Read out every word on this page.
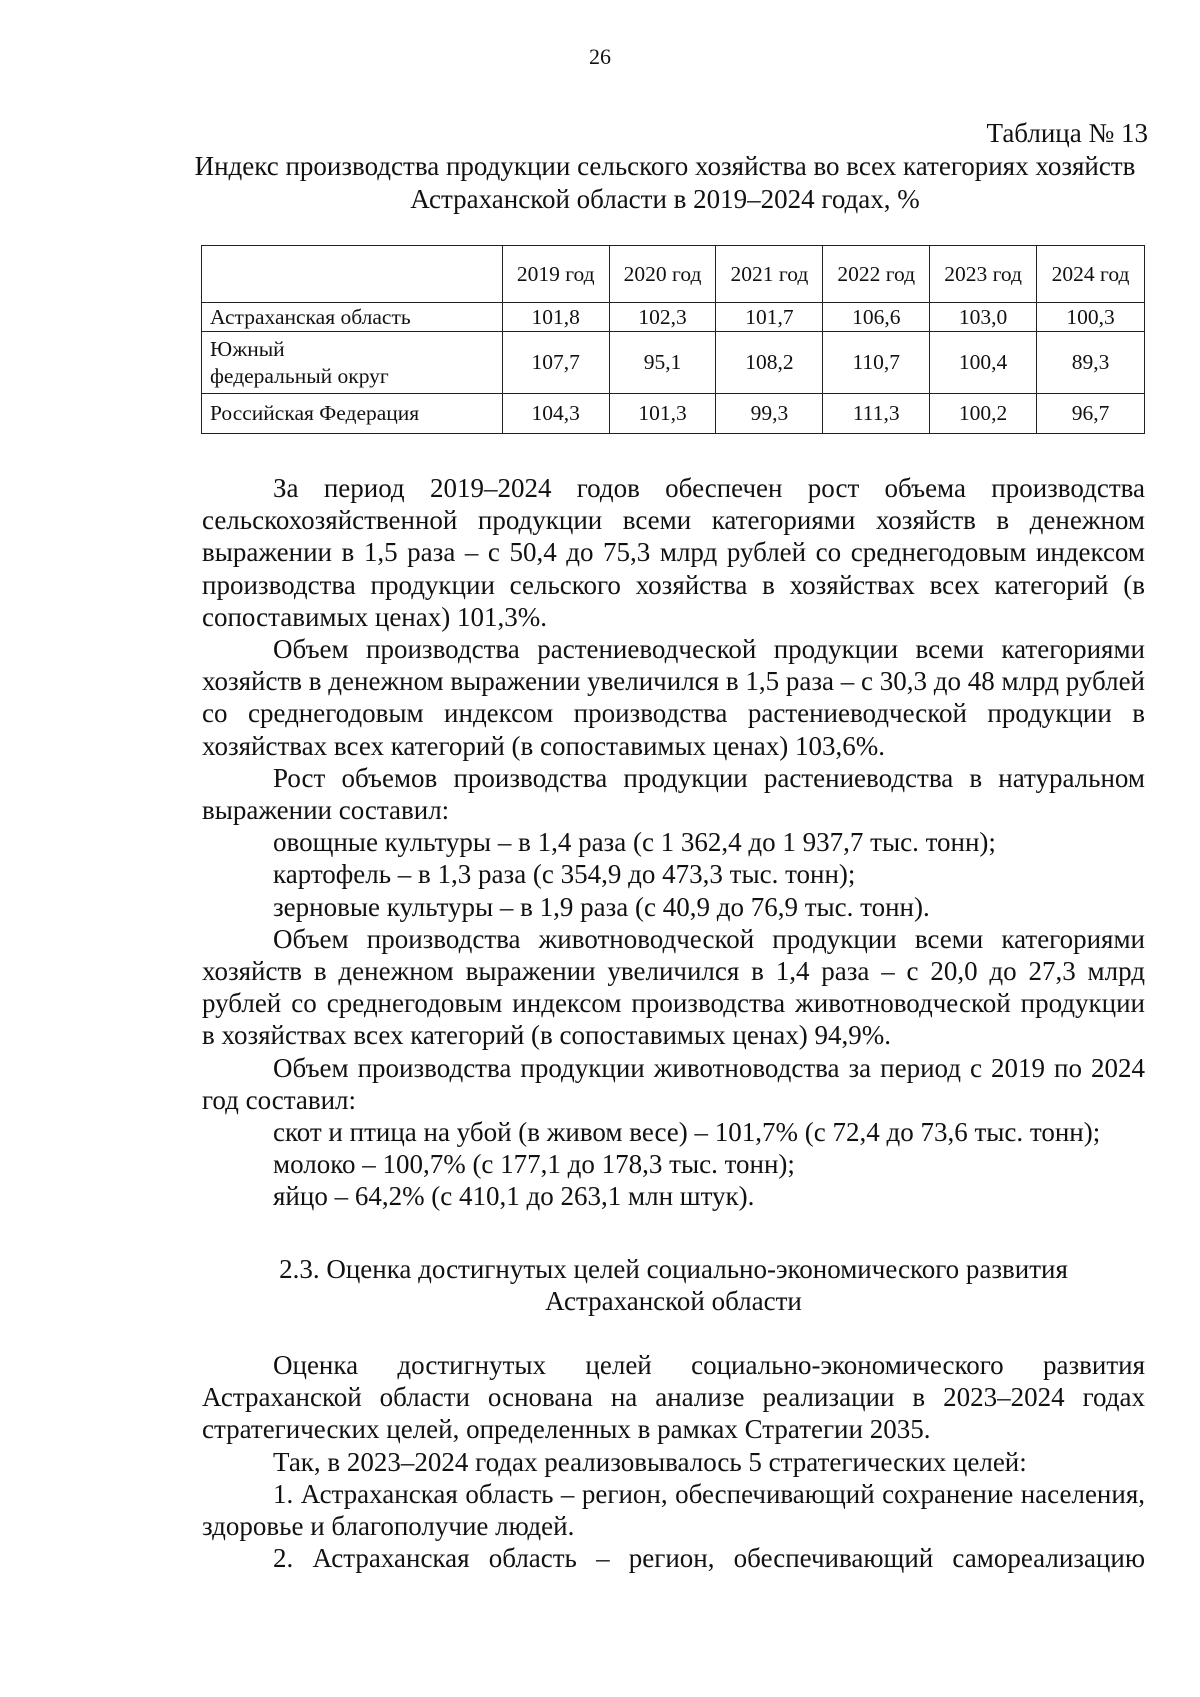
26
Таблица № 13
Индекс производства продукции сельского хозяйства во всех категориях хозяйств Астраханской области в 2019–2024 годах, %
	2019 год	2020 год	2021 год	2022 год	2023 год	2024 год
Астраханская область	101,8	102,3	101,7	106,6	103,0	100,3
Южный федеральный округ	107,7	95,1	108,2	110,7	100,4	89,3
Российская Федерация	104,3	101,3	99,3	111,3	100,2	96,7

За период 2019–2024 годов обеспечен рост объема производства сельскохозяйственной продукции всеми категориями хозяйств в денежном выражении в 1,5 раза – с 50,4 до 75,3 млрд рублей со среднегодовым индексом производства продукции сельского хозяйства в хозяйствах всех категорий (в сопоставимых ценах) 101,3%.

Объем производства растениеводческой продукции всеми категориями хозяйств в денежном выражении увеличился в 1,5 раза – с 30,3 до 48 млрд рублей со среднегодовым индексом производства растениеводческой продукции в хозяйствах всех категорий (в сопоставимых ценах) 103,6%.

Рост объемов производства продукции растениеводства в натуральном выражении составил:

овощные культуры – в 1,4 раза (с 1 362,4 до 1 937,7 тыс. тонн);

картофель – в 1,3 раза (с 354,9 до 473,3 тыс. тонн);

зерновые культуры – в 1,9 раза (с 40,9 до 76,9 тыс. тонн).

Объем производства животноводческой продукции всеми категориями хозяйств в денежном выражении увеличился в 1,4 раза – с 20,0 до 27,3 млрд рублей со среднегодовым индексом производства животноводческой продукции в хозяйствах всех категорий (в сопоставимых ценах) 94,9%.

Объем производства продукции животноводства за период с 2019 по 2024 год составил:

скот и птица на убой (в живом весе) – 101,7% (с 72,4 до 73,6 тыс. тонн);

молоко – 100,7% (с 177,1 до 178,3 тыс. тонн);

яйцо – 64,2% (с 410,1 до 263,1 млн штук).

2.3. Оценка достигнутых целей социально-экономического развития Астраханской области

Оценка достигнутых целей социально-экономического развития Астраханской области основана на анализе реализации в 2023–2024 годах стратегических целей, определенных в рамках Стратегии 2035.

Так, в 2023–2024 годах реализовывалось 5 стратегических целей:

1. Астраханская область – регион, обеспечивающий сохранение населения, здоровье и благополучие людей.

2. Астраханская область – регион, обеспечивающий самореализацию
